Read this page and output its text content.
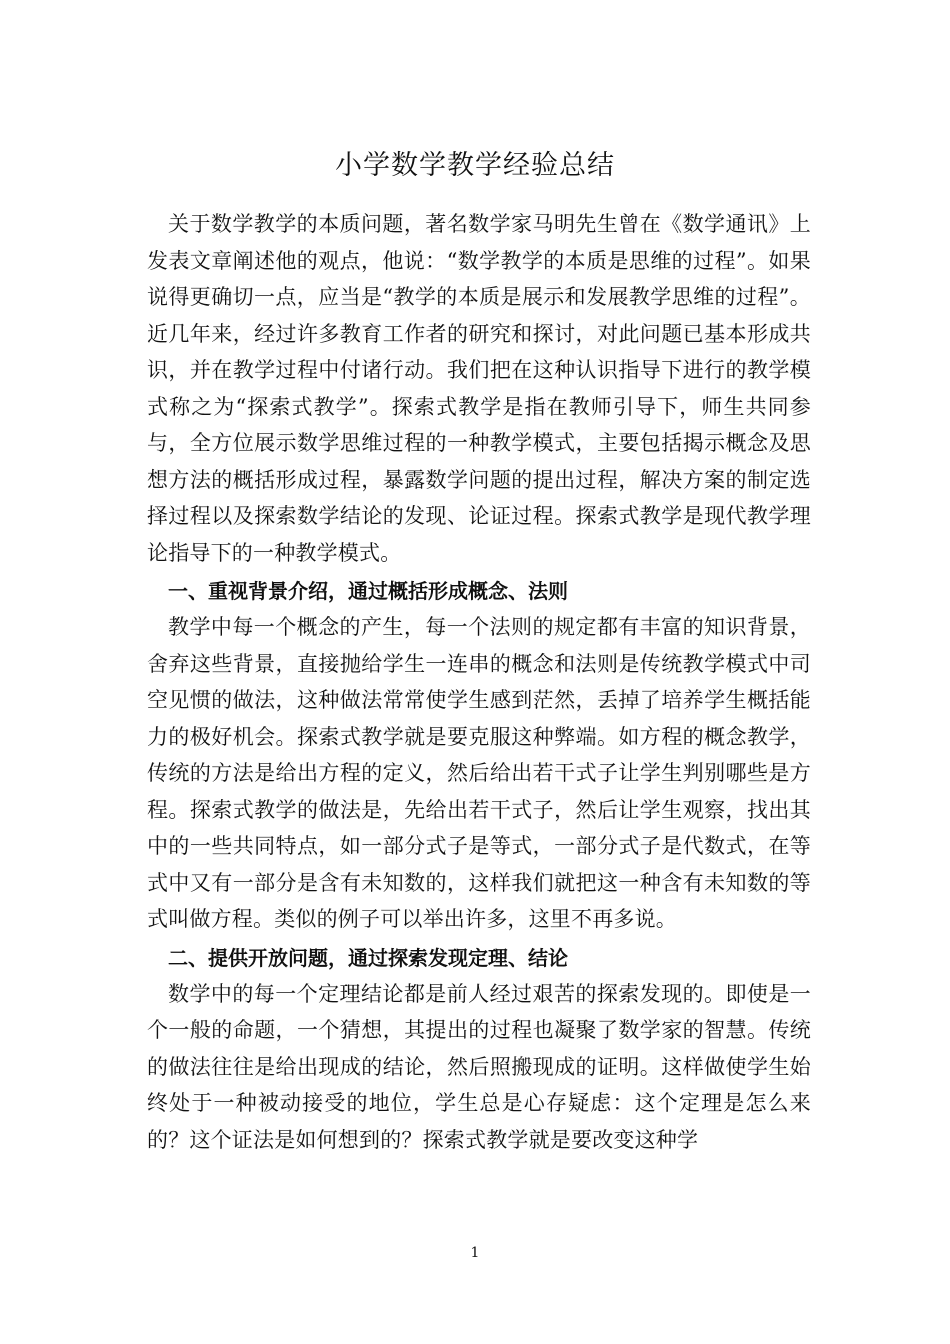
小学数学教学经验总结

关于数学教学的本质问题，著名数学家马明先生曾在《数学通讯》上发表文章阐述他的观点，他说：“数学教学的本质是思维的过程”。如果说得更确切一点，应当是“教学的本质是展示和发展教学思维的过程”。近几年来，经过许多教育工作者的研究和探讨，对此问题已基本形成共识，并在教学过程中付诸行动。我们把在这种认识指导下进行的教学模式称之为“探索式教学”。探索式教学是指在教师引导下，师生共同参与，全方位展示数学思维过程的一种教学模式，主要包括揭示概念及思想方法的概括形成过程，暴露数学问题的提出过程，解决方案的制定选择过程以及探索数学结论的发现、论证过程。探索式教学是现代教学理论指导下的一种教学模式。

一、重视背景介绍，通过概括形成概念、法则

教学中每一个概念的产生，每一个法则的规定都有丰富的知识背景，舍弃这些背景，直接抛给学生一连串的概念和法则是传统教学模式中司空见惯的做法，这种做法常常使学生感到茫然，丢掉了培养学生概括能力的极好机会。探索式教学就是要克服这种弊端。如方程的概念教学，传统的方法是给出方程的定义，然后给出若干式子让学生判别哪些是方程。探索式教学的做法是，先给出若干式子，然后让学生观察，找出其中的一些共同特点，如一部分式子是等式，一部分式子是代数式，在等式中又有一部分是含有未知数的，这样我们就把这一种含有未知数的等式叫做方程。类似的例子可以举出许多，这里不再多说。

二、提供开放问题，通过探索发现定理、结论

数学中的每一个定理结论都是前人经过艰苦的探索发现的。即使是一个一般的命题，一个猜想，其提出的过程也凝聚了数学家的智慧。传统的做法往往是给出现成的结论，然后照搬现成的证明。这样做使学生始终处于一种被动接受的地位，学生总是心存疑虑：这个定理是怎么来的？这个证法是如何想到的？探索式教学就是要改变这种学

1
